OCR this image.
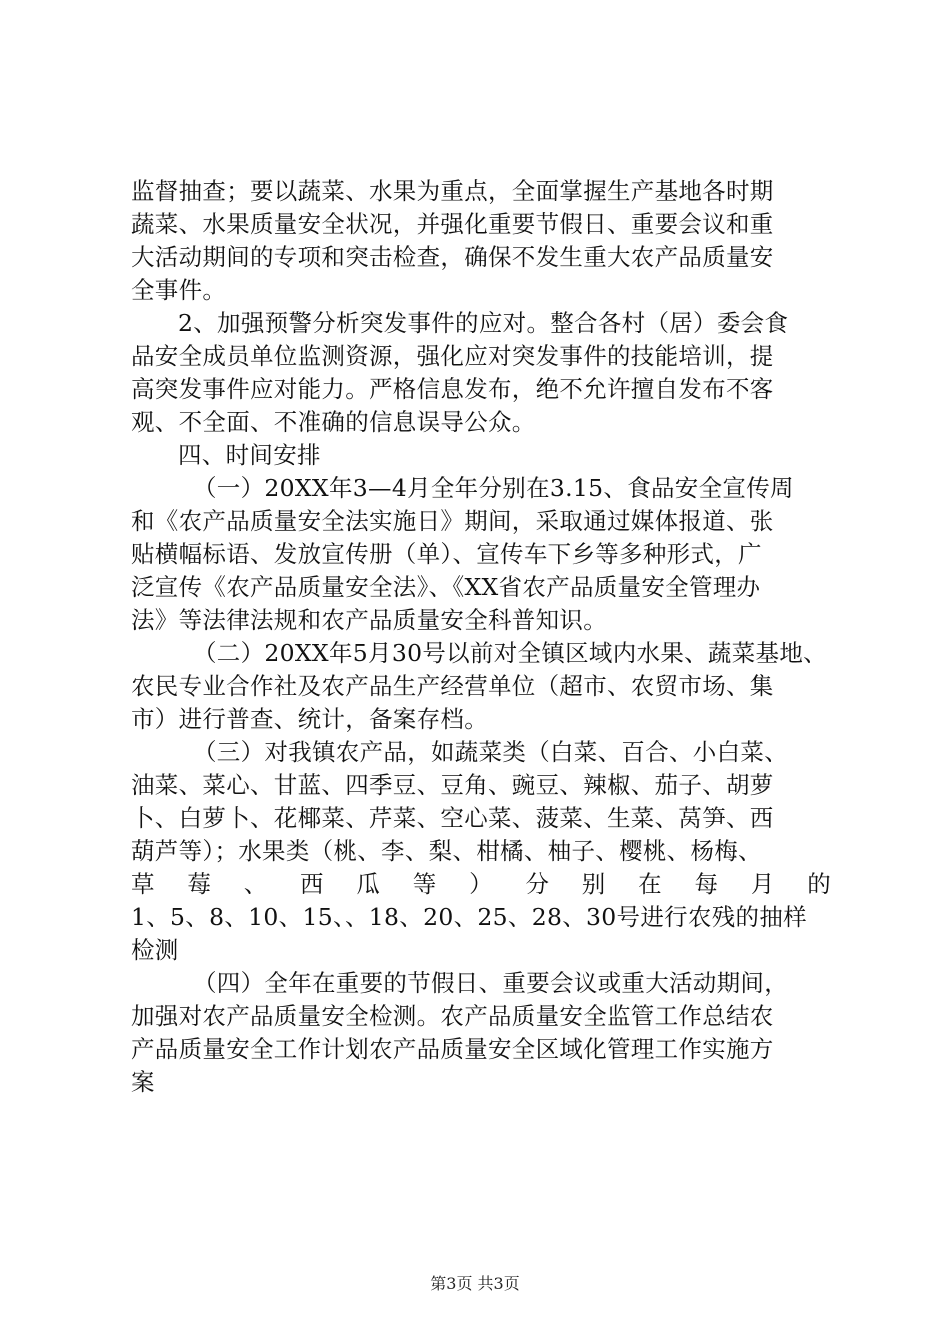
监督抽查；要以蔬菜、水果为重点，全面掌握生产基地各时期
蔬菜、水果质量安全状况，并强化重要节假日、重要会议和重
大活动期间的专项和突击检查，确保不发生重大农产品质量安
全事件。
2、加强预警分析突发事件的应对。整合各村（居）委会食
品安全成员单位监测资源，强化应对突发事件的技能培训，提
高突发事件应对能力。严格信息发布，绝不允许擅自发布不客
观、不全面、不准确的信息误导公众。
四、时间安排
（一）20XX年3—4月全年分别在3.15、食品安全宣传周
和《农产品质量安全法实施日》期间，采取通过媒体报道、张
贴横幅标语、发放宣传册（单）、宣传车下乡等多种形式，广
泛宣传《农产品质量安全法》、《XX省农产品质量安全管理办
法》等法律法规和农产品质量安全科普知识。
（二）20XX年5月30号以前对全镇区域内水果、蔬菜基地、
农民专业合作社及农产品生产经营单位（超市、农贸市场、集
市）进行普查、统计，备案存档。
（三）对我镇农产品，如蔬菜类（白菜、百合、小白菜、
油菜、菜心、甘蓝、四季豆、豆角、豌豆、辣椒、茄子、胡萝
卜、白萝卜、花椰菜、芹菜、空心菜、菠菜、生菜、莴笋、西
葫芦等）；水果类（桃、李、梨、柑橘、柚子、樱桃、杨梅、
草 莓 、 西 瓜 等 ） 分 别 在 每 月 的
1、5、8、10、15、、18、20、25、28、30号进行农残的抽样
检测
（四）全年在重要的节假日、重要会议或重大活动期间，
加强对农产品质量安全检测。农产品质量安全监管工作总结农
产品质量安全工作计划农产品质量安全区域化管理工作实施方
案
第3页 共3页
